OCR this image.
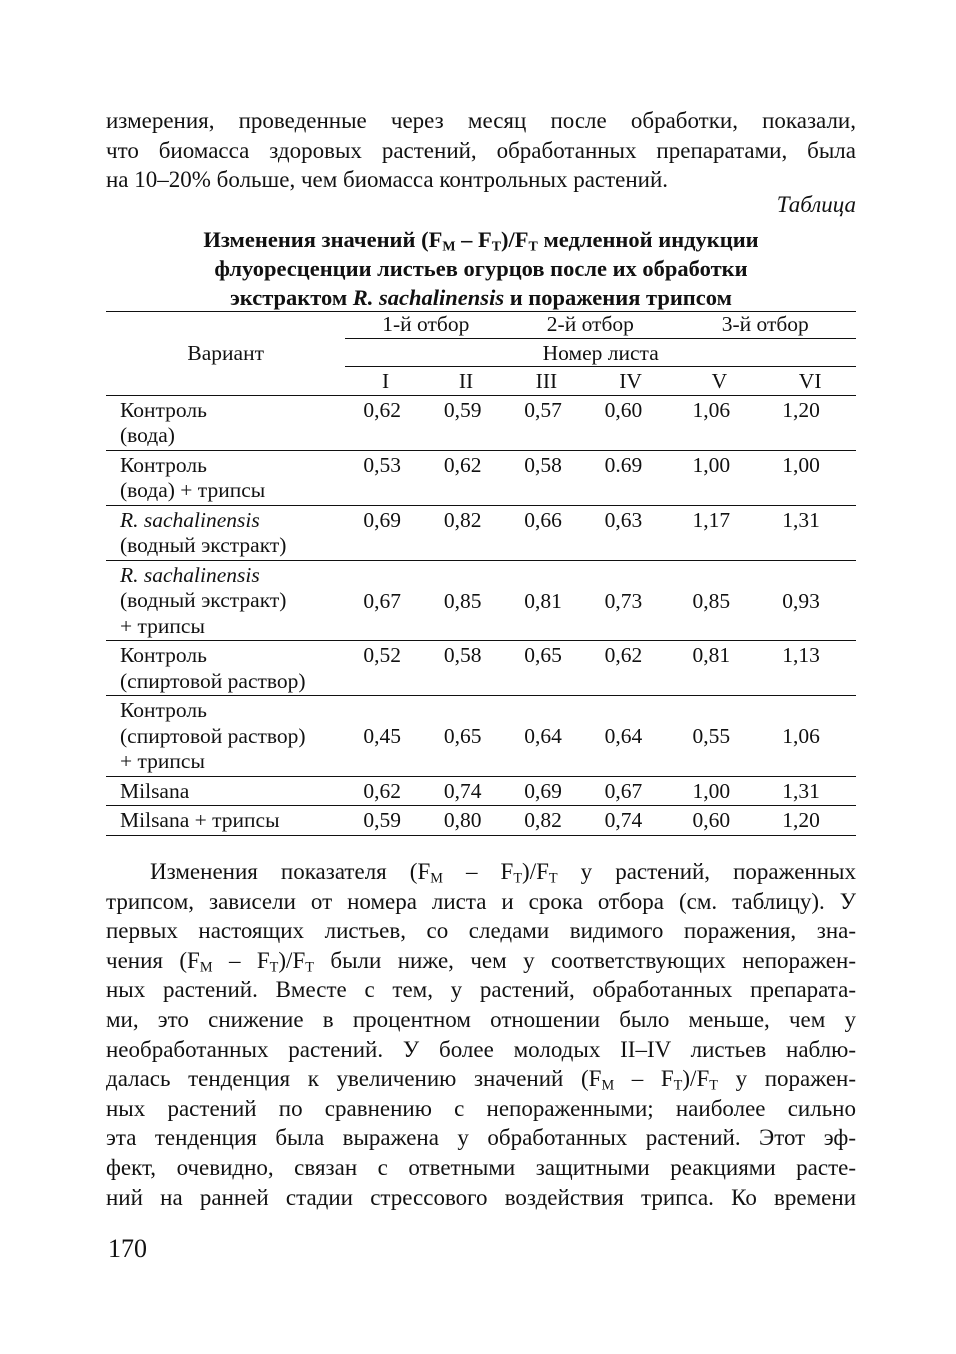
измерения, проведенные через месяц после обработки, показали,
что биомасса здоровых растений, обработанных препаратами, была
на 10–20% больше, чем биомасса контрольных растений.
Таблица
Изменения значений $(F_M - F_T)/F_T$ медленной индукции
флуоресценции листьев огурцов после их обработки
экстрактом R. sachalinensis и поражения трипсом
Вариант	1-й отбор		2-й отбор		3-й отбор	
	Номер листа					
	I	II	III	IV	V	VI

Контроль
(вода)	0,62	0,59	0,57	0,60	1,06	1,20

Контроль
(вода) + трипсы	0,53	0,62	0,58	0.69	1,00	1,00

R. sachalinensis
(водный экстракт)	0,69	0,82	0,66	0,63	1,17	1,31

R. sachalinensis
(водный экстракт)
+ трипсы	0,67	0,85	0,81	0,73	0,85	0,93

Контроль
(спиртовой раствор)	0,52	0,58	0,65	0,62	0,81	1,13

Контроль
(спиртовой раствор)
+ трипсы	0,45	0,65	0,64	0,64	0,55	1,06

Milsana	0,62	0,74	0,69	0,67	1,00	1,31

Milsana + трипсы	0,59	0,80	0,82	0,74	0,60	1,20
Изменения показателя $(F_M - F_T)/F_T$ у растений, пораженных
трипсом, зависели от номера листа и срока отбора (см. таблицу). У
первых настоящих листьев, со следами видимого поражения, зна-
чения $(F_M - F_T)/F_T$ были ниже, чем у соответствующих непоражен-
ных растений. Вместе с тем, у растений, обработанных препарата-
ми, это снижение в процентном отношении было меньше, чем у
необработанных растений. У более молодых II–IV листьев наблю-
далась тенденция к увеличению значений $(F_M - F_T)/F_T$ у поражен-
ных растений по сравнению с непораженными; наиболее сильно
эта тенденция была выражена у обработанных растений. Этот эф-
фект, очевидно, связан с ответными защитными реакциями расте-
ний на ранней стадии стрессового воздействия трипса. Ко времени
170
